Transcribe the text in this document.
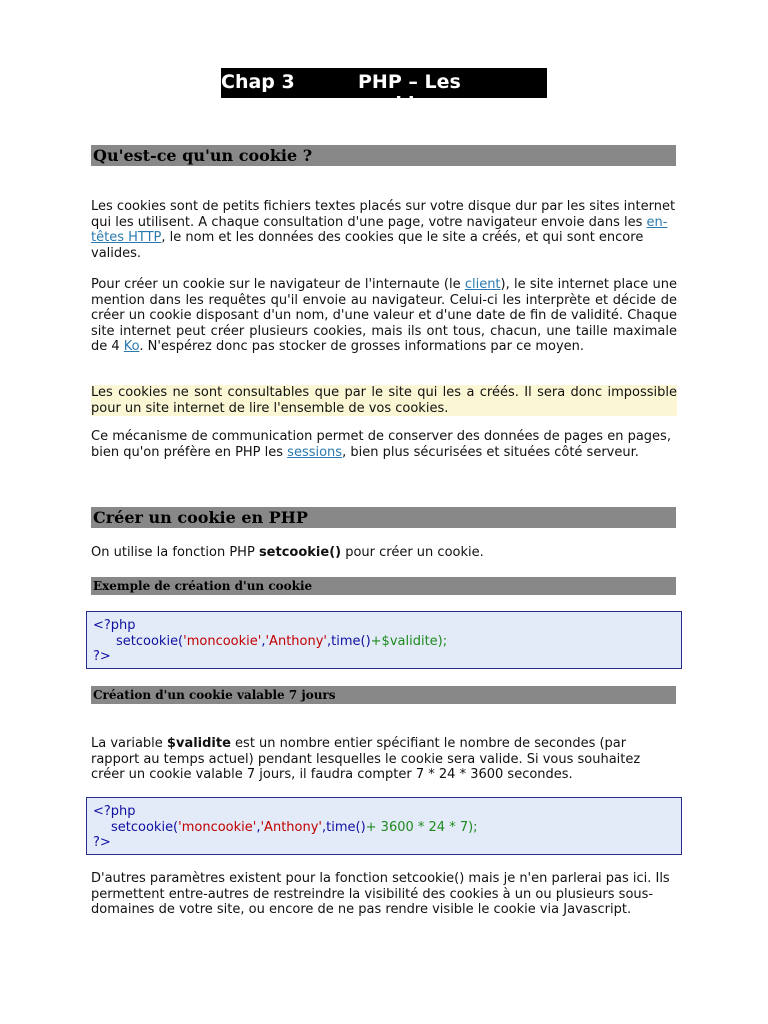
Chap 3	PHP – Les cookies
Qu'est-ce qu'un cookie ?

Les cookies sont de petits fichiers textes placés sur votre disque dur par les sites internet qui les utilisent. A chaque consultation d'une page, votre navigateur envoie dans les en-têtes HTTP, le nom et les données des cookies que le site a créés, et qui sont encore valides.

Pour créer un cookie sur le navigateur de l'internaute (le client), le site internet place une mention dans les requêtes qu'il envoie au navigateur. Celui-ci les interprète et décide de créer un cookie disposant d'un nom, d'une valeur et d'une date de fin de validité. Chaque site internet peut créer plusieurs cookies, mais ils ont tous, chacun, une taille maximale de 4 Ko. N'espérez donc pas stocker de grosses informations par ce moyen.

Les cookies ne sont consultables que par le site qui les a créés. Il sera donc impossible pour un site internet de lire l'ensemble de vos cookies.

Ce mécanisme de communication permet de conserver des données de pages en pages, bien qu'on préfère en PHP les sessions, bien plus sécurisées et situées côté serveur.

Créer un cookie en PHP

On utilise la fonction PHP setcookie() pour créer un cookie.

Exemple de création d'un cookie
<?php
setcookie('moncookie','Anthony',time()+$validite);
?>
Création d'un cookie valable 7 jours

La variable $validite est un nombre entier spécifiant le nombre de secondes (par rapport au temps actuel) pendant lesquelles le cookie sera valide. Si vous souhaitez créer un cookie valable 7 jours, il faudra compter 7 * 24 * 3600 secondes.

<?php
setcookie('moncookie','Anthony',time()+ 3600 * 24 * 7);
?>

D'autres paramètres existent pour la fonction setcookie() mais je n'en parlerai pas ici. Ils permettent entre-autres de restreindre la visibilité des cookies à un ou plusieurs sous-domaines de votre site, ou encore de ne pas rendre visible le cookie via Javascript.
